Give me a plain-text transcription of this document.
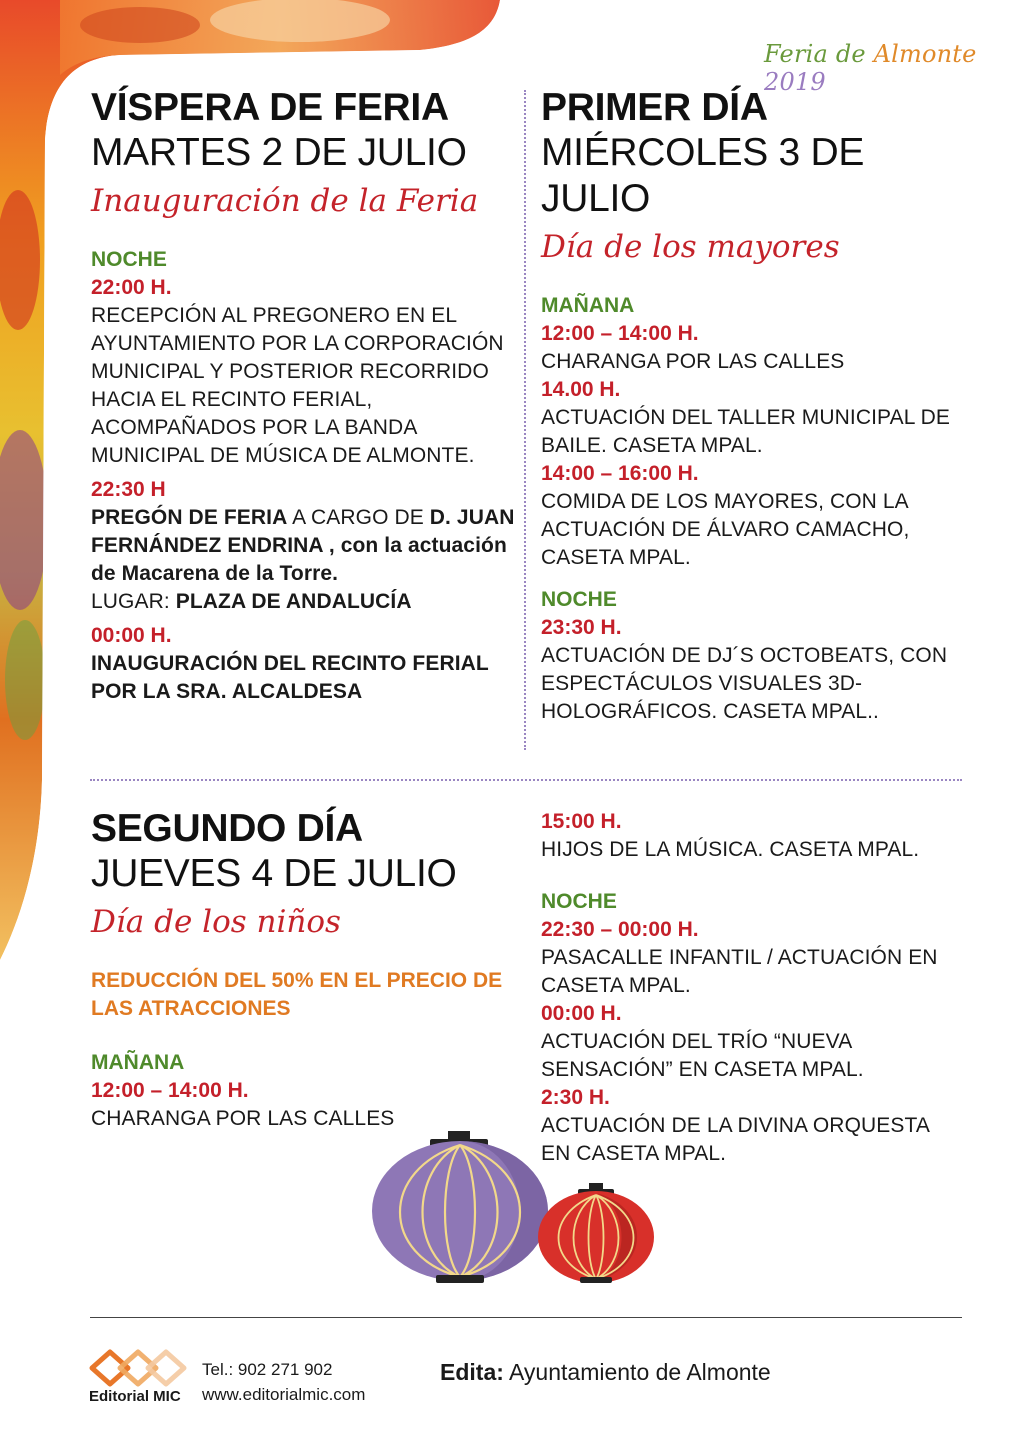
Feria de Almonte 2019

VÍSPERA DE FERIA

MARTES 2 DE JULIO

Inauguración de la Feria

NOCHE
22:00 H.
RECEPCIÓN AL PREGONERO EN EL AYUNTAMIENTO POR LA CORPORACIÓN MUNICIPAL Y POSTERIOR RECORRIDO HACIA EL RECINTO FERIAL, ACOMPAÑADOS POR LA BANDA MUNICIPAL DE MÚSICA DE ALMONTE.
22:30 H
PREGÓN DE FERIA A CARGO DE D. JUAN FERNÁNDEZ ENDRINA , con la actuación de Macarena de la Torre.
LUGAR: PLAZA DE ANDALUCÍA
00:00 H.
INAUGURACIÓN DEL RECINTO FERIAL POR LA SRA. ALCALDESA

PRIMER DÍA

MIÉRCOLES 3 DE

JULIO

Día de los mayores

MAÑANA
12:00 – 14:00 H.
CHARANGA POR LAS CALLES
14.00 H.
ACTUACIÓN DEL TALLER MUNICIPAL DE BAILE. CASETA MPAL.
14:00 – 16:00 H.
COMIDA DE LOS MAYORES, CON LA ACTUACIÓN DE ÁLVARO CAMACHO, CASETA MPAL.
NOCHE
23:30 H.
ACTUACIÓN DE DJ´S OCTOBEATS, CON ESPECTÁCULOS VISUALES 3D-HOLOGRÁFICOS. CASETA MPAL..

SEGUNDO DÍA

JUEVES 4 DE JULIO

Día de los niños

REDUCCIÓN DEL 50% EN EL PRECIO DE LAS ATRACCIONES
MAÑANA
12:00 – 14:00 H.
CHARANGA POR LAS CALLES
15:00 H.
HIJOS DE LA MÚSICA. CASETA MPAL.
NOCHE
22:30 – 00:00 H.
PASACALLE INFANTIL / ACTUACIÓN EN CASETA MPAL.
00:00 H.
ACTUACIÓN DEL TRÍO “NUEVA SENSACIÓN” EN CASETA MPAL.
2:30 H.
ACTUACIÓN DE LA DIVINA ORQUESTA EN CASETA MPAL.
Editorial MIC
Tel.: 902 271 902
www.editorialmic.com
Edita: Ayuntamiento de Almonte
